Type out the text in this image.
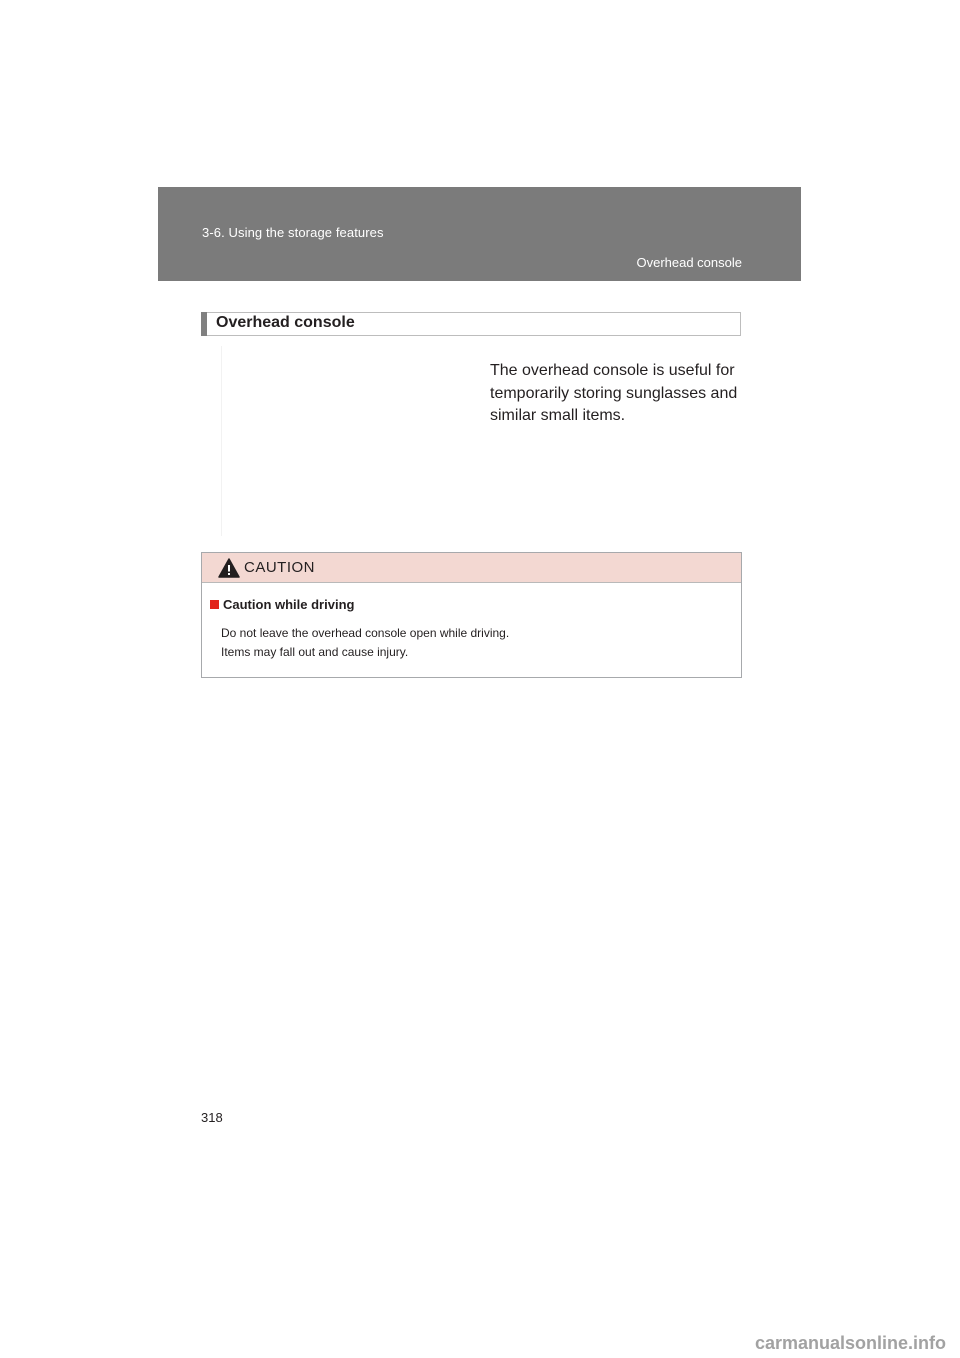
3-6. Using the storage features
Overhead console
Overhead console
The overhead console is useful for temporarily storing sunglasses and similar small items.
CAUTION
Caution while driving
Do not leave the overhead console open while driving.
Items may fall out and cause injury.
318
carmanualsonline.info
